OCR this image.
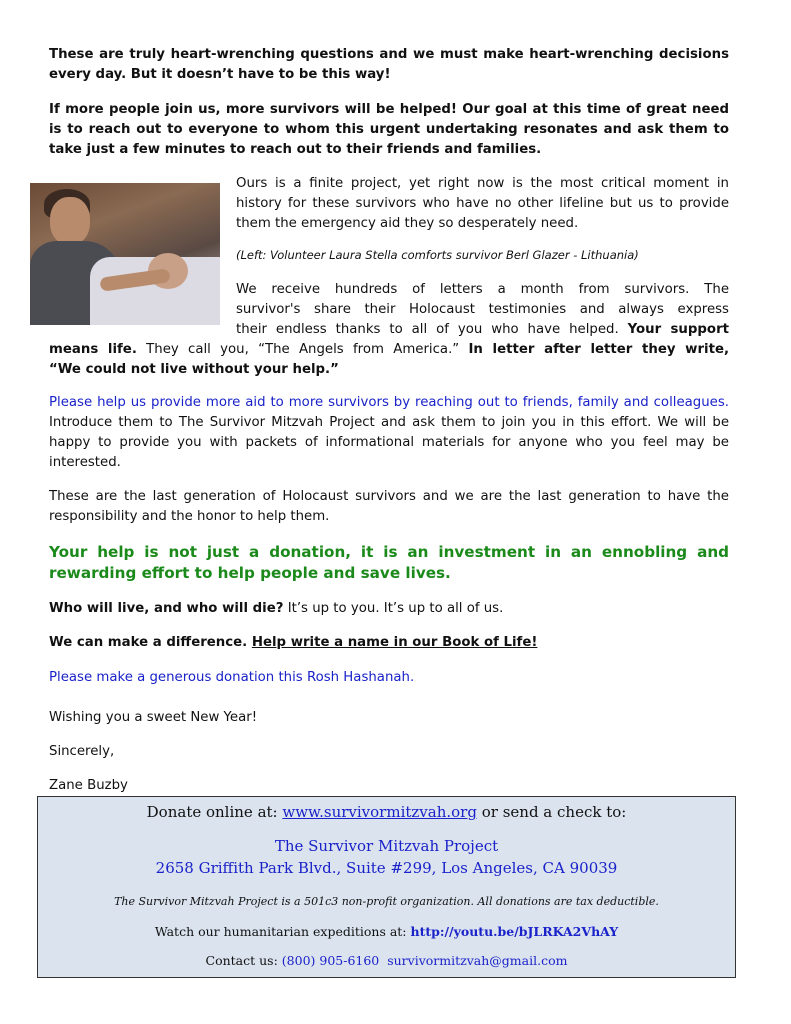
These are truly heart-wrenching questions and we must make heart-wrenching decisions every day. But it doesn’t have to be this way!

If more people join us, more survivors will be helped! Our goal at this time of great need is to reach out to everyone to whom this urgent undertaking resonates and ask them to take just a few minutes to reach out to their friends and families.

Please help us provide more aid to more survivors by reaching out to friends, family and colleagues. Introduce them to The Survivor Mitzvah Project and ask them to join you in this effort. We will be happy to provide you with packets of informational materials for anyone who you feel may be interested.

These are the last generation of Holocaust survivors and we are the last generation to have the responsibility and the honor to help them.

Your help is not just a donation, it is an investment in an ennobling and rewarding effort to help people and save lives.

Who will live, and who will die? It’s up to you. It’s up to all of us.

We can make a difference. Help write a name in our Book of Life!

Please make a generous donation this Rosh Hashanah.

Wishing you a sweet New Year!

Sincerely,

Zane Buzby

Ours is a finite project, yet right now is the most critical moment in history for these survivors who have no other lifeline but us to provide them the emergency aid they so desperately need.

(Left: Volunteer Laura Stella comforts survivor Berl Glazer - Lithuania)

We receive hundreds of letters a month from survivors. The

survivor's share their Holocaust testimonies and always express

their endless thanks to all of you who have helped. Your support

means life. They call you, “The Angels from America.” In letter after letter they write,

“We could not live without your help.”

Donate online at: www.survivormitzvah.org or send a check to:
The Survivor Mitzvah Project
2658 Griffith Park Blvd., Suite #299, Los Angeles, CA 90039
The Survivor Mitzvah Project is a 501c3 non-profit organization. All donations are tax deductible.
Watch our humanitarian expeditions at: http://youtu.be/bJLRKA2VhAY
Contact us: (800) 905-6160 survivormitzvah@gmail.com
